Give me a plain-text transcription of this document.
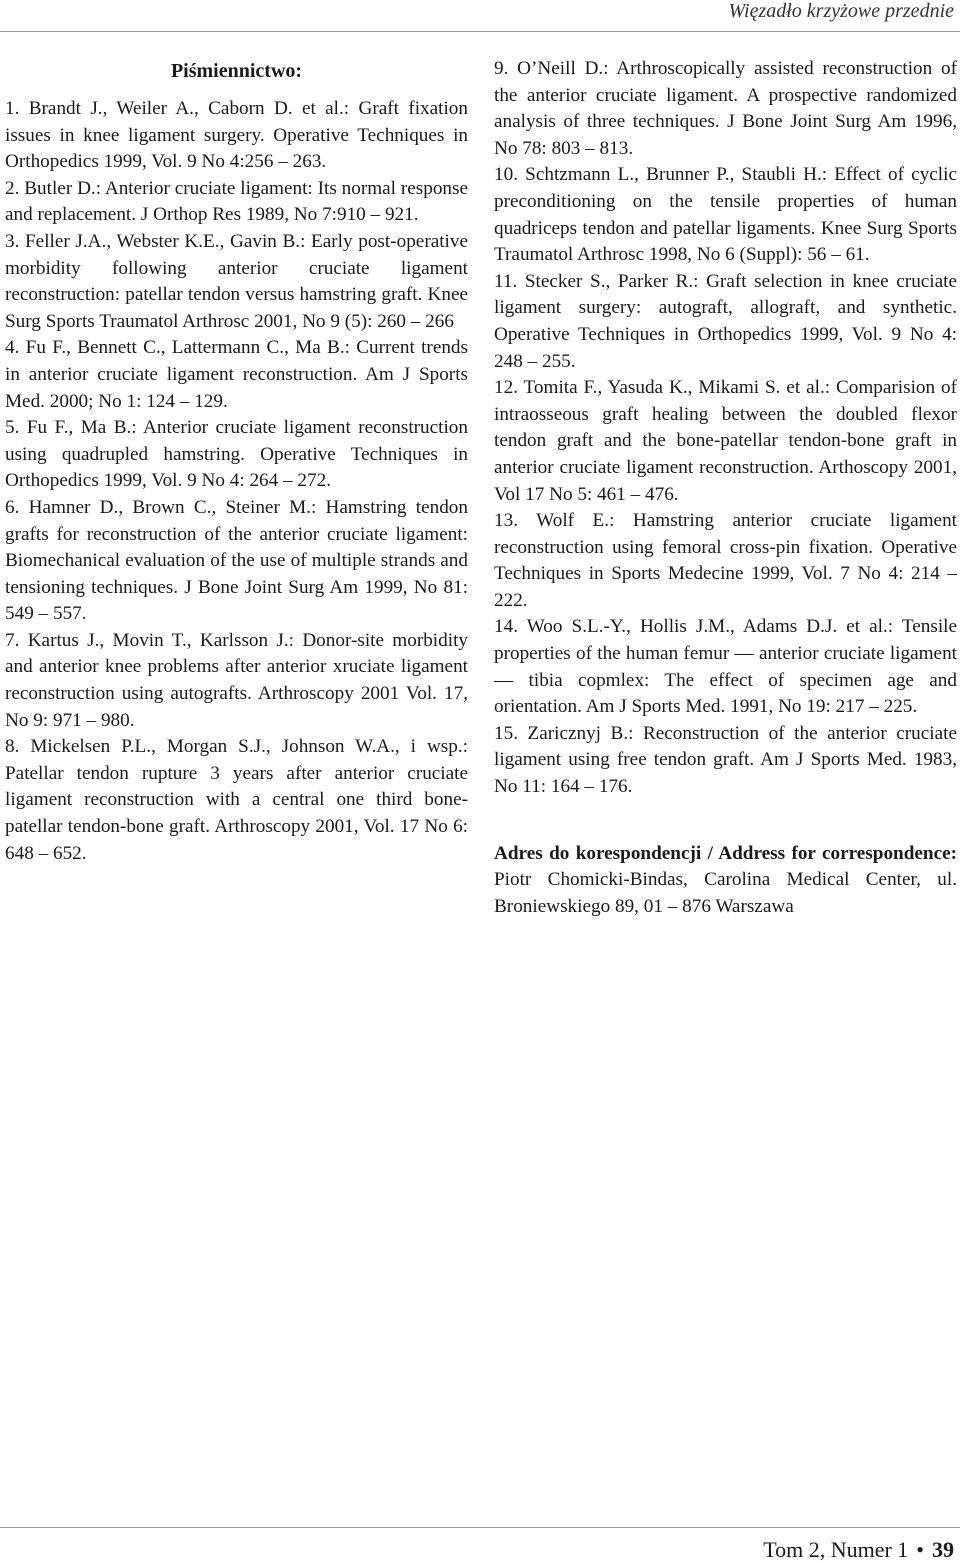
Więzadło krzyżowe przednie
Piśmiennictwo:

1. Brandt J., Weiler A., Caborn D. et al.: Graft fixation issues in knee ligament surgery. Operative Techniques in Orthopedics 1999, Vol. 9 No 4:256 – 263.

2. Butler D.: Anterior cruciate ligament: Its normal response and replacement. J Orthop Res 1989, No 7:910 – 921.

3. Feller J.A., Webster K.E., Gavin B.: Early post-operative morbidity following anterior cruciate ligament reconstruction: patellar tendon versus hamstring graft. Knee Surg Sports Traumatol Arthrosc 2001, No 9 (5): 260 – 266

4. Fu F., Bennett C., Lattermann C., Ma B.: Current trends in anterior cruciate ligament reconstruction. Am J Sports Med. 2000; No 1: 124 – 129.

5. Fu F., Ma B.: Anterior cruciate ligament reconstruction using quadrupled hamstring. Operative Techniques in Orthopedics 1999, Vol. 9 No 4: 264 – 272.

6. Hamner D., Brown C., Steiner M.: Hamstring tendon grafts for reconstruction of the anterior cruciate ligament: Biomechanical evaluation of the use of multiple strands and tensioning techniques. J Bone Joint Surg Am 1999, No 81: 549 – 557.

7. Kartus J., Movin T., Karlsson J.: Donor-site morbidity and anterior knee problems after anterior xruciate ligament reconstruction using autografts. Arthroscopy 2001 Vol. 17, No 9: 971 – 980.

8. Mickelsen P.L., Morgan S.J., Johnson W.A., i wsp.: Patellar tendon rupture 3 years after anterior cruciate ligament reconstruction with a central one third bone-patellar tendon-bone graft. Arthroscopy 2001, Vol. 17 No 6: 648 – 652.

9. O’Neill D.: Arthroscopically assisted reconstruction of the anterior cruciate ligament. A prospective randomized analysis of three techniques. J Bone Joint Surg Am 1996, No 78: 803 – 813.

10. Schtzmann L., Brunner P., Staubli H.: Effect of cyclic preconditioning on the tensile properties of human quadriceps tendon and patellar ligaments. Knee Surg Sports Traumatol Arthrosc 1998, No 6 (Suppl): 56 – 61.

11. Stecker S., Parker R.: Graft selection in knee cruciate ligament surgery: autograft, allograft, and synthetic. Operative Techniques in Orthopedics 1999, Vol. 9 No 4: 248 – 255.

12. Tomita F., Yasuda K., Mikami S. et al.: Comparision of intraosseous graft healing between the doubled flexor tendon graft and the bone-patellar tendon-bone graft in anterior cruciate ligament reconstruction. Arthoscopy 2001, Vol 17 No 5: 461 – 476.

13. Wolf E.: Hamstring anterior cruciate ligament reconstruction using femoral cross-pin fixation. Operative Techniques in Sports Medecine 1999, Vol. 7 No 4: 214 – 222.

14. Woo S.L.-Y., Hollis J.M., Adams D.J. et al.: Tensile properties of the human femur — anterior cruciate ligament — tibia copmlex: The effect of specimen age and orientation. Am J Sports Med. 1991, No 19: 217 – 225.

15. Zaricznyj B.: Reconstruction of the anterior cruciate ligament using free tendon graft. Am J Sports Med. 1983, No 11: 164 – 176.

Adres do korespondencji / Address for correspondence: Piotr Chomicki-Bindas, Carolina Medical Center, ul. Broniewskiego 89, 01 – 876 Warszawa

Tom 2, Numer 1 • 39
